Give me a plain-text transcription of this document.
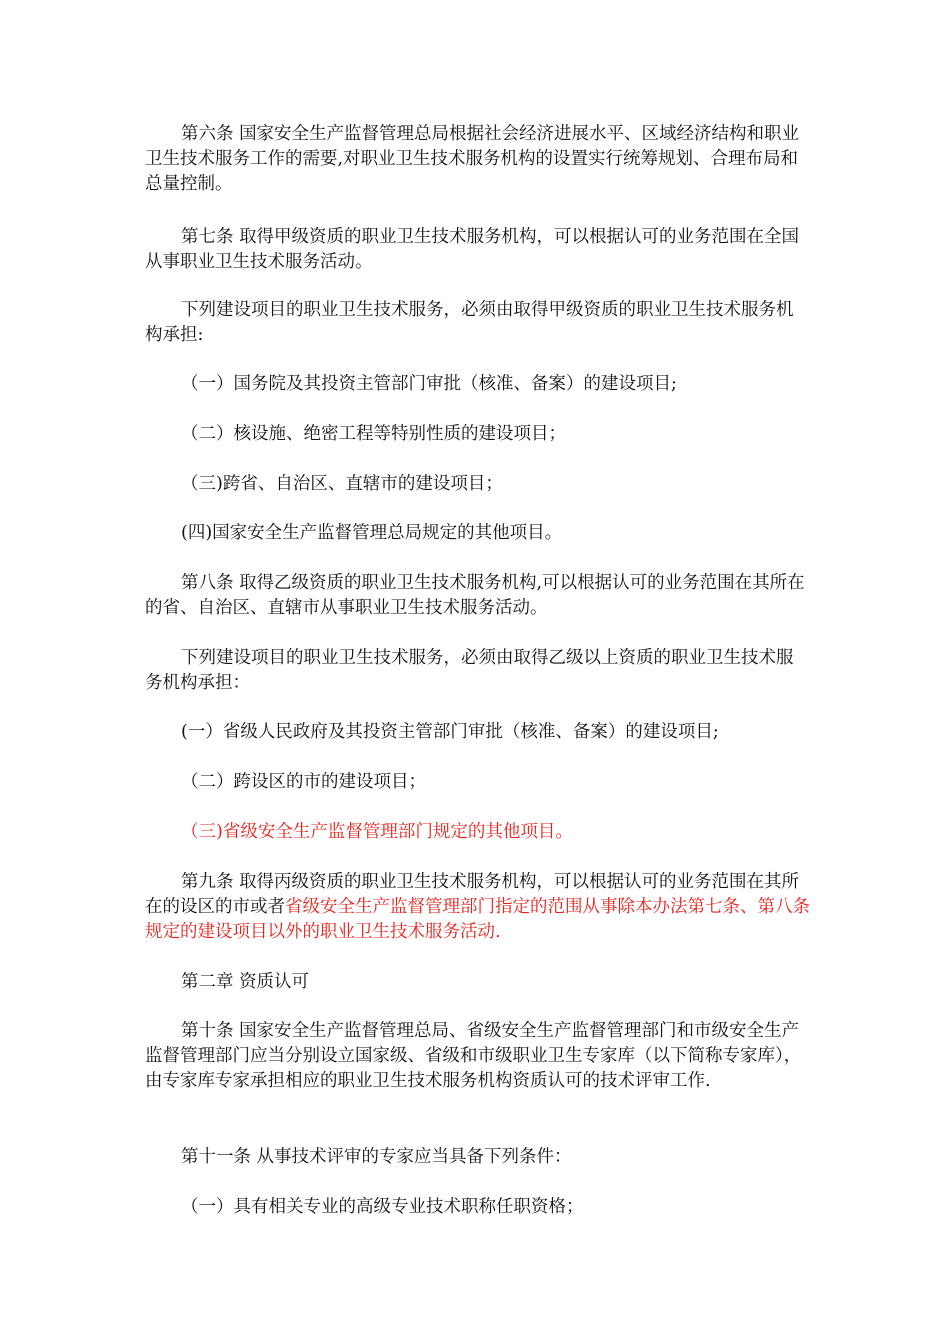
第六条 国家安全生产监督管理总局根据社会经济进展水平、区域经济结构和职业卫生技术服务工作的需要,对职业卫生技术服务机构的设置实行统筹规划、合理布局和总量控制。

第七条 取得甲级资质的职业卫生技术服务机构，可以根据认可的业务范围在全国从事职业卫生技术服务活动。

下列建设项目的职业卫生技术服务，必须由取得甲级资质的职业卫生技术服务机构承担:

（一）国务院及其投资主管部门审批（核准、备案）的建设项目;

（二）核设施、绝密工程等特别性质的建设项目；

（三)跨省、自治区、直辖市的建设项目；

(四)国家安全生产监督管理总局规定的其他项目。

第八条 取得乙级资质的职业卫生技术服务机构,可以根据认可的业务范围在其所在的省、自治区、直辖市从事职业卫生技术服务活动。

下列建设项目的职业卫生技术服务，必须由取得乙级以上资质的职业卫生技术服务机构承担：

(一）省级人民政府及其投资主管部门审批（核准、备案）的建设项目;

（二）跨设区的市的建设项目；

（三)省级安全生产监督管理部门规定的其他项目。

第九条 取得丙级资质的职业卫生技术服务机构，可以根据认可的业务范围在其所在的设区的市或者省级安全生产监督管理部门指定的范围从事除本办法第七条、第八条规定的建设项目以外的职业卫生技术服务活动.

第二章 资质认可

第十条 国家安全生产监督管理总局、省级安全生产监督管理部门和市级安全生产监督管理部门应当分别设立国家级、省级和市级职业卫生专家库（以下简称专家库），由专家库专家承担相应的职业卫生技术服务机构资质认可的技术评审工作.

第十一条 从事技术评审的专家应当具备下列条件：

（一）具有相关专业的高级专业技术职称任职资格；
